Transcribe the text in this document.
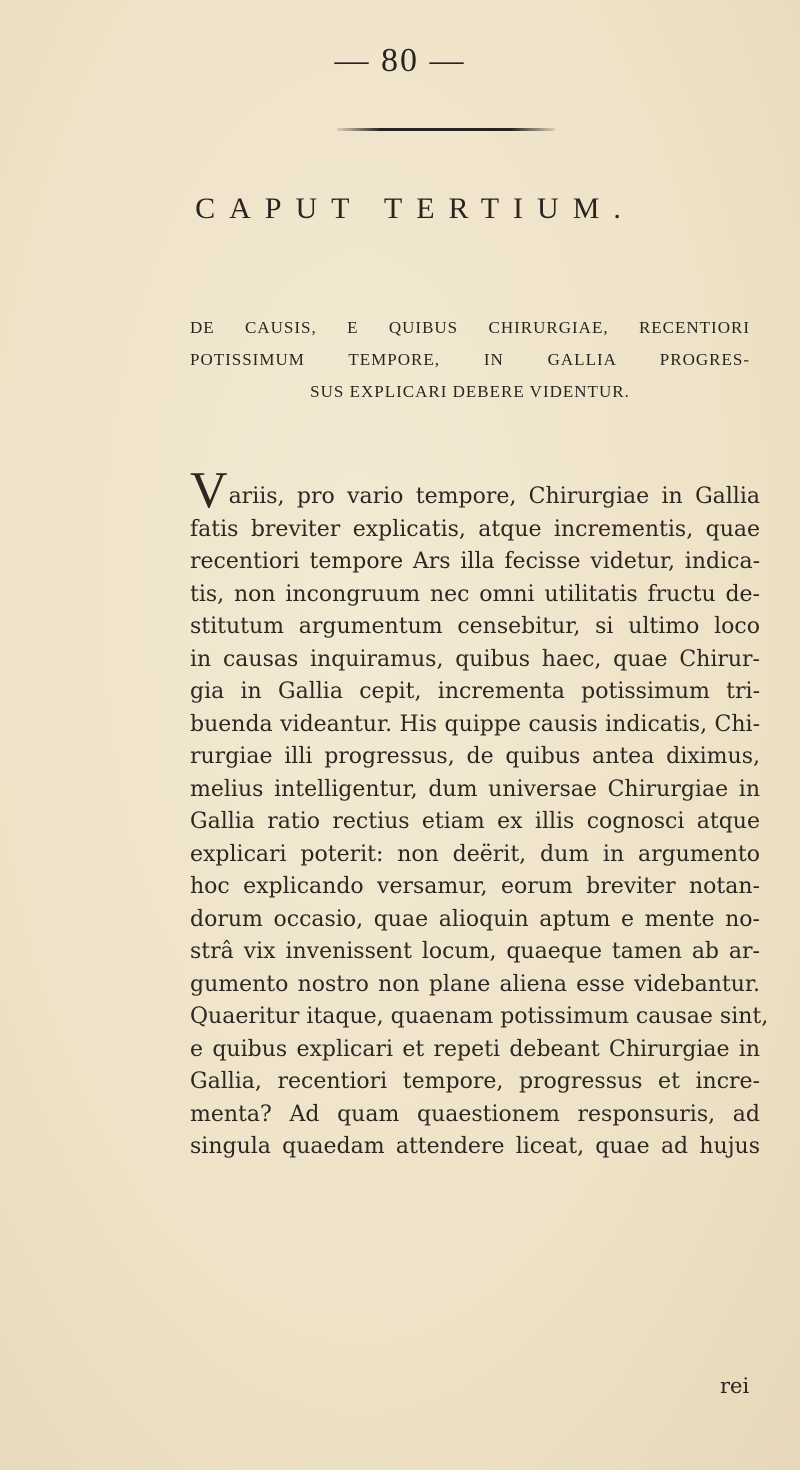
— 80 —
CAPUT TERTIUM.
DE CAUSIS, E QUIBUS CHIRURGIAE, RECENTIORI
POTISSIMUM TEMPORE, IN GALLIA PROGRES-
SUS EXPLICARI DEBERE VIDENTUR.
Variis, pro vario tempore, Chirurgiae in Gallia
fatis breviter explicatis, atque incrementis, quae
recentiori tempore Ars illa fecisse videtur, indica-
tis, non incongruum nec omni utilitatis fructu de-
stitutum argumentum censebitur, si ultimo loco
in causas inquiramus, quibus haec, quae Chirur-
gia in Gallia cepit, incrementa potissimum tri-
buenda videantur. His quippe causis indicatis, Chi-
rurgiae illi progressus, de quibus antea diximus,
melius intelligentur, dum universae Chirurgiae in
Gallia ratio rectius etiam ex illis cognosci atque
explicari poterit: non deërit, dum in argumento
hoc explicando versamur, eorum breviter notan-
dorum occasio, quae alioquin aptum e mente no-
strâ vix invenissent locum, quaeque tamen ab ar-
gumento nostro non plane aliena esse videbantur.
Quaeritur itaque, quaenam potissimum causae sint,
e quibus explicari et repeti debeant Chirurgiae in
Gallia, recentiori tempore, progressus et incre-
menta? Ad quam quaestionem responsuris, ad
singula quaedam attendere liceat, quae ad hujus
rei
